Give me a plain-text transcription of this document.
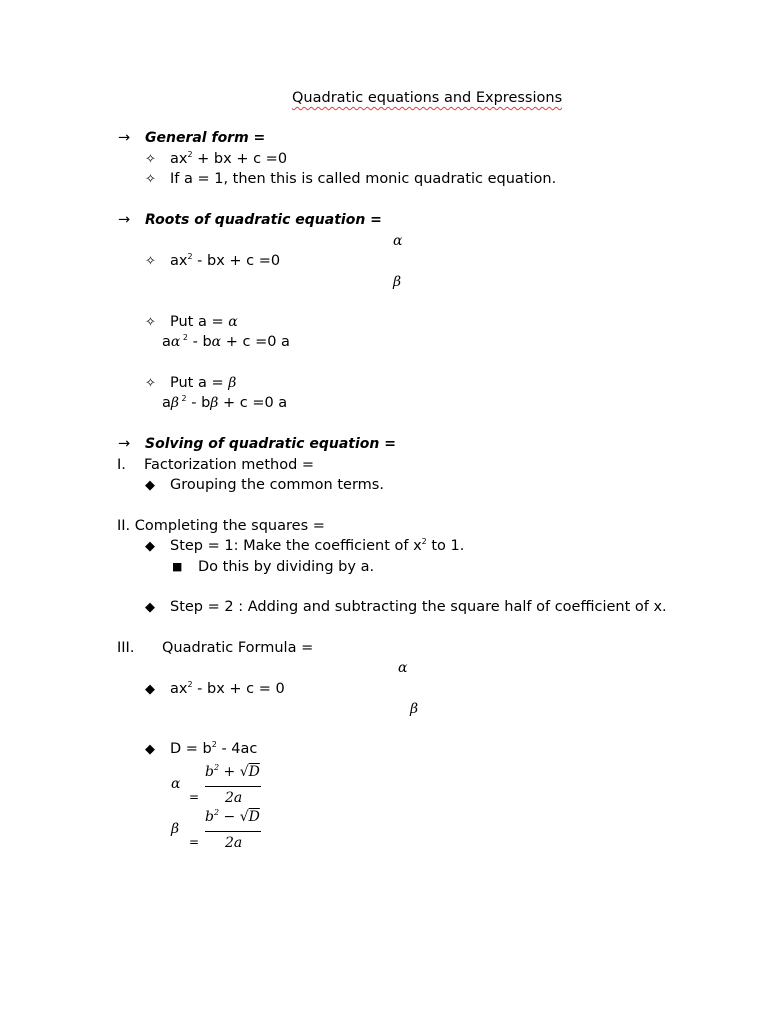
Quadratic equations and Expressions
→ General form =
✧ $ax^2$ + bx + c =0
✧ If a = 1, then this is called monic quadratic equation.
→ Roots of quadratic equation =
α
✧ $ax^2$ - bx + c =0
β
✧ Put a = α
aα $^2$ - bα + c =0 a
✧ Put a = β
aβ $^2$ - bβ + c =0 a
→ Solving of quadratic equation =
I. Factorization method =
◆ Grouping the common terms.
II. Completing the squares =
◆ Step = 1: Make the coefficient of $x^2$ to 1.
■ Do this by dividing by a.
◆ Step = 2 : Adding and subtracting the square half of coefficient of x.
III. Quadratic Formula =
α
◆ $ax^2$ - bx + c = 0
β
◆ $D = b^2 - 4ac$
α
=
$b^2 + √D$
2a
β
=
$b^2 - √D$
2a
